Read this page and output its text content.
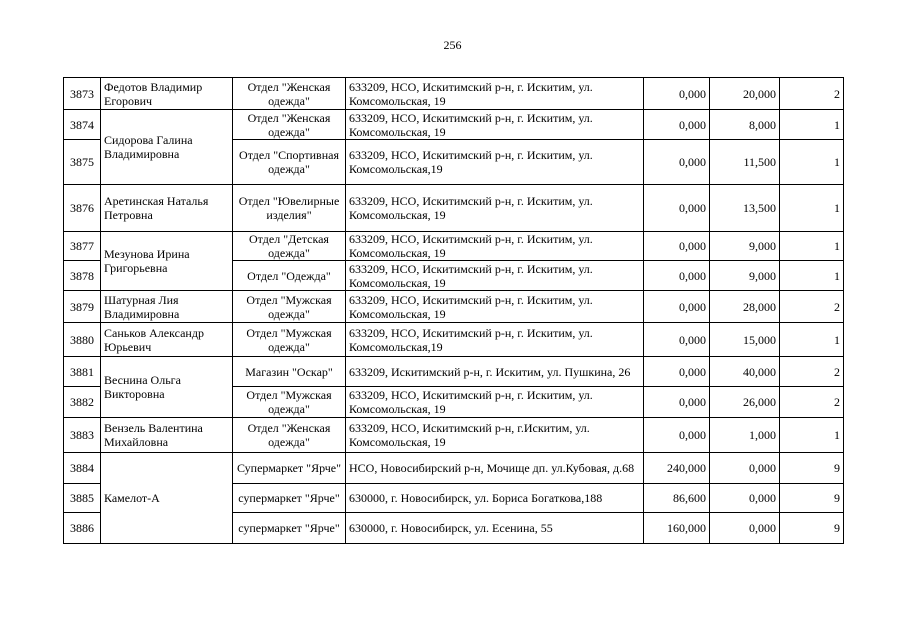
256
3873	Федотов Владимир Егорович	Отдел "Женская одежда"	633209, НСО, Искитимский р-н, г. Искитим, ул. Комсомольская, 19	0,000	20,000	2
3874	Сидорова Галина Владимировна	Отдел "Женская одежда"	633209, НСО, Искитимский р-н, г. Искитим, ул. Комсомольская, 19	0,000	8,000	1
3875		Отдел "Спортивная одежда"	633209, НСО, Искитимский р-н, г. Искитим, ул. Комсомольская,19	0,000	11,500	1
3876	Аретинская Наталья Петровна	Отдел "Ювелирные изделия"	633209, НСО, Искитимский р-н, г. Искитим, ул. Комсомольская, 19	0,000	13,500	1
3877	Мезунова Ирина Григорьевна	Отдел "Детская одежда"	633209, НСО, Искитимский р-н, г. Искитим, ул. Комсомольская, 19	0,000	9,000	1
3878		Отдел "Одежда"	633209, НСО, Искитимский р-н, г. Искитим, ул. Комсомольская, 19	0,000	9,000	1
3879	Шатурная Лия Владимировна	Отдел "Мужская одежда"	633209, НСО, Искитимский р-н, г. Искитим, ул. Комсомольская, 19	0,000	28,000	2
3880	Саньков Александр Юрьевич	Отдел "Мужская одежда"	633209, НСО, Искитимский р-н, г. Искитим, ул. Комсомольская,19	0,000	15,000	1
3881	Веснина Ольга Викторовна	Магазин "Оскар"	633209, Искитимский р-н, г. Искитим, ул. Пушкина, 26	0,000	40,000	2
3882		Отдел "Мужская одежда"	633209, НСО, Искитимский р-н, г. Искитим, ул. Комсомольская, 19	0,000	26,000	2
3883	Вензель Валентина Михайловна	Отдел "Женская одежда"	633209, НСО, Искитимский р-н, г.Искитим, ул. Комсомольская, 19	0,000	1,000	1
3884	Камелот-А	Супермаркет "Ярче"	НСО, Новосибирский р-н, Мочище дп. ул.Кубовая, д.68	240,000	0,000	9
3885		супермаркет "Ярче"	630000, г. Новосибирск, ул. Бориса Богаткова,188	86,600	0,000	9
3886		супермаркет "Ярче"	630000, г. Новосибирск, ул. Есенина, 55	160,000	0,000	9
